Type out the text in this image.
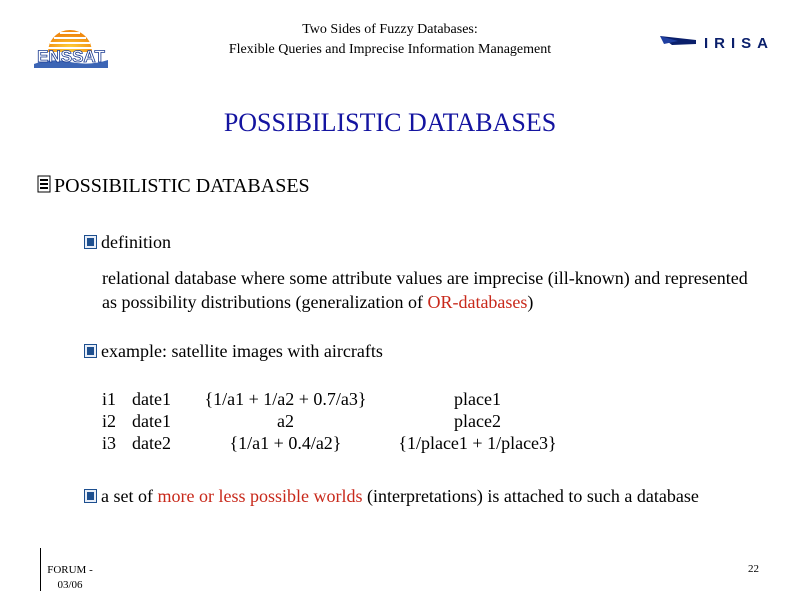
ENSSAT
Two Sides of Fuzzy Databases:
Flexible Queries and Imprecise Information Management	IRISA
POSSIBILISTIC DATABASES
POSSIBILISTIC DATABASES
definition
relational database where some attribute values are imprecise (ill-known) and represented as possibility distributions (generalization of OR-databases)
example: satellite images with aircrafts
i1 date1	{1/a1 + 1/a2 + 0.7/a3}	place1
i2 date1	a2	place2
i3 date2	{1/a1 + 0.4/a2}	{1/place1 + 1/place3}
a set of more or less possible worlds (interpretations) is attached to such a database
FORUM -
03/06
22
